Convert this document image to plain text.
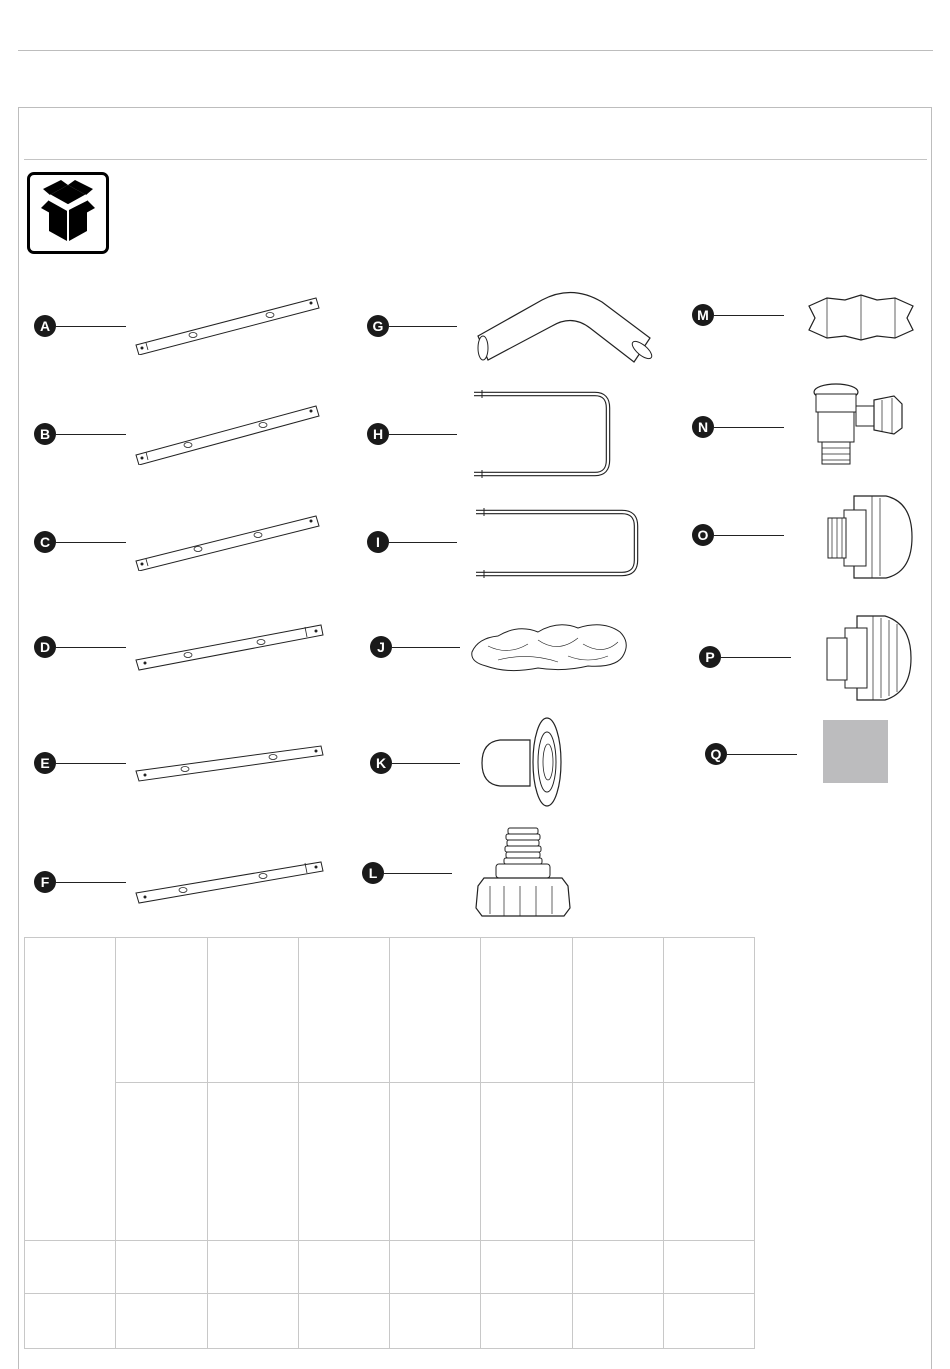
A
B
C
D
E
F
G
H
I
J
K
L
M
N
O
P
Q
